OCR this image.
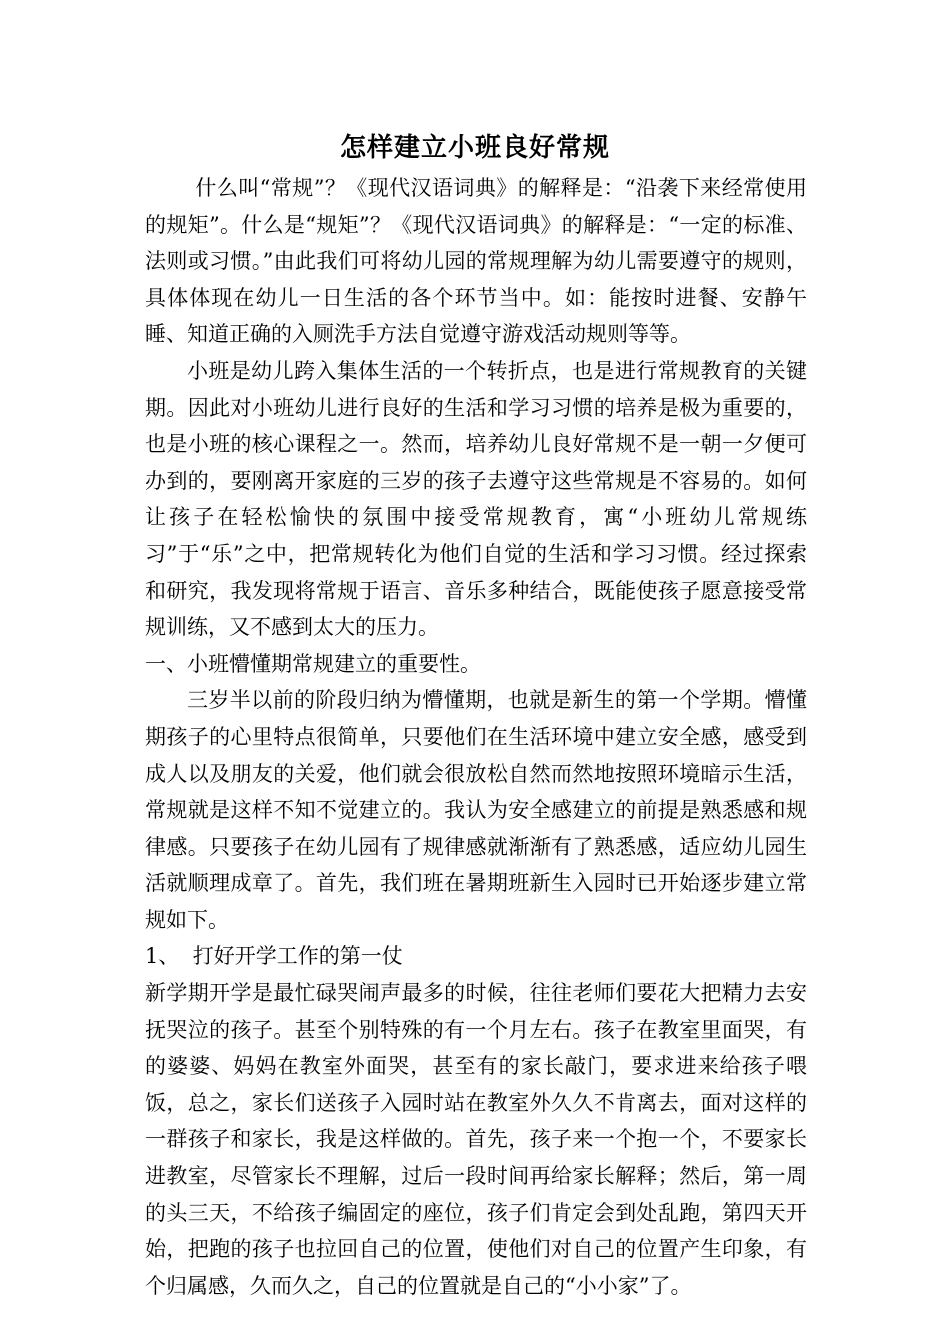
怎样建立小班良好常规

什么叫“常规”？《现代汉语词典》的解释是：“沿袭下来经常使用的规矩”。什么是“规矩”？《现代汉语词典》的解释是：“一定的标准、法则或习惯。”由此我们可将幼儿园的常规理解为幼儿需要遵守的规则，具体体现在幼儿一日生活的各个环节当中。如：能按时进餐、安静午睡、知道正确的入厕洗手方法自觉遵守游戏活动规则等等。

小班是幼儿跨入集体生活的一个转折点，也是进行常规教育的关键期。因此对小班幼儿进行良好的生活和学习习惯的培养是极为重要的，也是小班的核心课程之一。然而，培养幼儿良好常规不是一朝一夕便可办到的，要刚离开家庭的三岁的孩子去遵守这些常规是不容易的。如何让孩子在轻松愉快的氛围中接受常规教育，寓“小班幼儿常规练习”于“乐”之中，把常规转化为他们自觉的生活和学习习惯。经过探索和研究，我发现将常规于语言、音乐多种结合，既能使孩子愿意接受常规训练，又不感到太大的压力。

一、小班懵懂期常规建立的重要性。

三岁半以前的阶段归纳为懵懂期，也就是新生的第一个学期。懵懂期孩子的心里特点很简单，只要他们在生活环境中建立安全感，感受到成人以及朋友的关爱，他们就会很放松自然而然地按照环境暗示生活，常规就是这样不知不觉建立的。我认为安全感建立的前提是熟悉感和规律感。只要孩子在幼儿园有了规律感就渐渐有了熟悉感，适应幼儿园生活就顺理成章了。首先，我们班在暑期班新生入园时已开始逐步建立常规如下。

1、  打好开学工作的第一仗

新学期开学是最忙碌哭闹声最多的时候，往往老师们要花大把精力去安抚哭泣的孩子。甚至个别特殊的有一个月左右。孩子在教室里面哭，有的婆婆、妈妈在教室外面哭，甚至有的家长敲门，要求进来给孩子喂饭，总之，家长们送孩子入园时站在教室外久久不肯离去，面对这样的一群孩子和家长，我是这样做的。首先，孩子来一个抱一个，不要家长进教室，尽管家长不理解，过后一段时间再给家长解释；然后，第一周的头三天，不给孩子编固定的座位，孩子们肯定会到处乱跑，第四天开始，把跑的孩子也拉回自己的位置，使他们对自己的位置产生印象，有个归属感，久而久之，自己的位置就是自己的“小小家”了。
